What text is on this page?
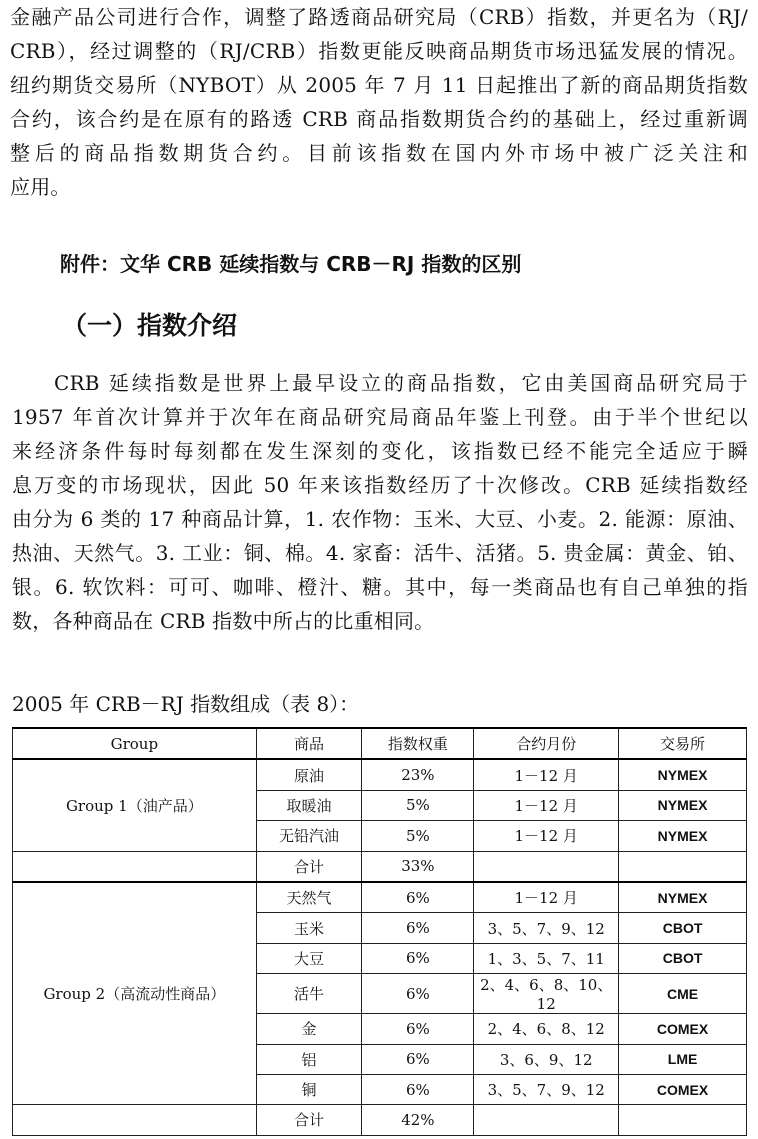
金融产品公司进行合作，调整了路透商品研究局（CRB）指数，并更名为（RJ/
CRB），经过调整的（RJ/CRB）指数更能反映商品期货市场迅猛发展的情况。
纽约期货交易所（NYBOT）从 2005 年 7 月 11 日起推出了新的商品期货指数
合约，该合约是在原有的路透 CRB 商品指数期货合约的基础上，经过重新调
整后的商品指数期货合约。目前该指数在国内外市场中被广泛关注和
应用。
附件：文华 CRB 延续指数与 CRB－RJ 指数的区别
（一）指数介绍
CRB 延续指数是世界上最早设立的商品指数，它由美国商品研究局于
1957 年首次计算并于次年在商品研究局商品年鉴上刊登。由于半个世纪以
来经济条件每时每刻都在发生深刻的变化，该指数已经不能完全适应于瞬
息万变的市场现状，因此 50 年来该指数经历了十次修改。CRB 延续指数经
由分为 6 类的 17 种商品计算，1. 农作物：玉米、大豆、小麦。2. 能源：原油、
热油、天然气。3. 工业：铜、棉。4. 家畜：活牛、活猪。5. 贵金属：黄金、铂、
银。6. 软饮料：可可、咖啡、橙汁、糖。其中，每一类商品也有自己单独的指
数，各种商品在 CRB 指数中所占的比重相同。
2005 年 CRB－RJ 指数组成（表 8）：
Group	商品	指数权重	合约月份	交易所
Group 1（油产品）	原油	23%	1－12 月	NYMEX
	取暖油	5%	1－12 月	NYMEX
	无铅汽油	5%	1－12 月	NYMEX
	合计	33%		
Group 2（高流动性商品）	天然气	6%	1－12 月	NYMEX
	玉米	6%	3、5、7、9、12	CBOT
	大豆	6%	1、3、5、7、11	CBOT
	活牛	6%	2、4、6、8、10、12	CME
	金	6%	2、4、6、8、12	COMEX
	铝	6%	3、6、9、12	LME
	铜	6%	3、5、7、9、12	COMEX
	合计	42%		
